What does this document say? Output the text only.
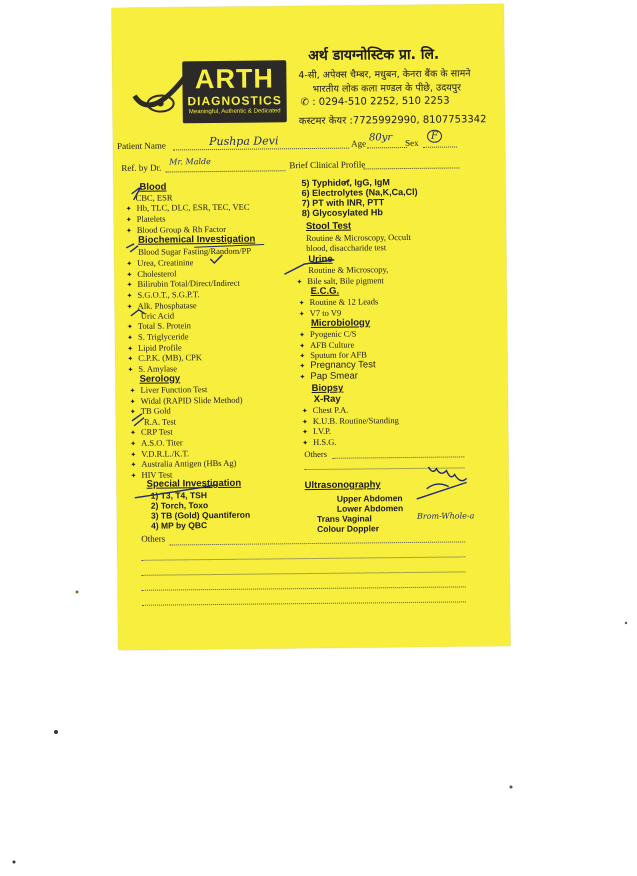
ARTH
DIAGNOSTICS
Meaningful, Authentic & Dedicated
अर्थ डायग्नोस्टिक प्रा. लि.
4-सी, अपेक्स चैम्बर, मधुबन, केनरा बैंक के सामने
भारतीय लोक कला मण्डल के पीछे, उदयपुर
✆ : 0294-510 2252, 510 2253
कस्टमर केयर :7725992990, 8107753342
Patient Name	Pushpa Devi	Age
80yr Sex
F
Ref. by Dr.
Mr. Malde	Brief Clinical Profile
Blood
CBC, ESR
✦ Hb, TLC, DLC, ESR, TEC, VEC
✦ Platelets
✦ Blood Group & Rh Factor
Biochemical Investigation
Blood Sugar Fasting/Random/PP
✦ Urea, Creatinine
✦ Cholesterol
✦ Bilirubin Total/Direct/Indirect
✦ S.G.O.T., S.G.P.T.
✦ Alk. Phosphatase
Uric Acid
✦ Total S. Protein
✦ S. Triglyceride
✦ Lipid Profile
✦ C.P.K. (MB), CPK
✦ S. Amylase
Serology
✦ Liver Function Test
✦ Widal (RAPID Slide Method)
✦ TB Gold
R.A. Test
✦ CRP Test
✦ A.S.O. Titer
✦ V.D.R.L./K.T.
✦ Australia Antigen (HBs Ag)
✦ HIV Test
Special Investigation
1) T3, T4, TSH
2) Torch, Toxo
3) TB (Gold) Quantiferon
4) MP by QBC
Others
5) Typhidot, IgG, IgM
6) Electrolytes (Na,K,Ca,Cl)
7) PT with INR, PTT
8) Glycosylated Hb
Stool Test
Routine & Microscopy, Occult
blood, disaccharide test
Urine
Routine & Microscopy,
✦ Bile salt, Bile pigment
E.C.G.
✦ Routine & 12 Leads
✦ V7 to V9
Microbiology
✦ Pyogenic C/S
✦ AFB Culture
✦ Sputum for AFB
✦ Pregnancy Test
✦ Pap Smear
Biopsy
X-Ray
✦ Chest P.A.
✦ K.U.B. Routine/Standing
✦ I.V.P.
✦ H.S.G.
Others
Ultrasonography
Upper Abdomen
Lower Abdomen
Trans Vaginal
Colour Doppler
Brom-Whole-a
